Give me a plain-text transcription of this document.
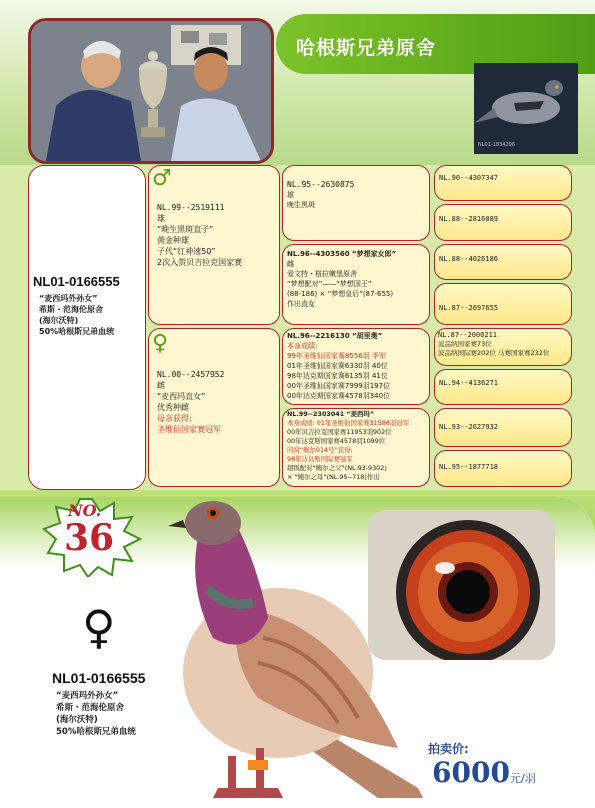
哈根斯兄弟原舍
NL01-1834296
NL01-0166555
“麦西玛外孙女”
希斯・范海伦原舍
(海尔沃特)
50%哈根斯兄弟血统
♂
NL.99--2519111
雄
“晚生黑斑直子”
黄金种雄
子代“红神速50”
2次入贺贝吉拉克国家赛
♀
NL.00--2457952
雌
“麦西玛直女”
优秀种雌
母亲获得:
圣维仙国家赛冠军
NL.95--2630875
雄
晚生黑斑
NL.96--4303560 “梦想家女郎”
雌
爱文特・格拉嫩堡原舍
“梦想配对”——“梦想国王”
(88-186) × “梦想皇后”(87-655)
作出直女
NL.96--2216130 “胡里奥”
本身成绩:
99年圣维仙国家赛8556羽 季军
01年圣维仙国家赛6330羽 40位
98年达克斯国家赛6135羽 41位
00年圣维仙国家赛7999羽197位
00年达克斯国家赛4578羽340位
NL.99--2303041 “麦西玛”
本身成绩: 01年圣维仙国家赛31586羽冠军
00年贝吉拉克国家赛11953羽902位
00年达克斯国家赛4578羽1099位
同窝“鲍尔014号”获得:
98年达贝斯国际赛冠军
超级配对“鲍尔之父”(NL.93-9302)
× “鲍尔之母”(NL.95--718)作出
NL.90--4307347
NL.88--2816089
NL.88--4026186
NL.87--2697655
NL.87--2000211
波品纳国家赛73位
波品纳国际赛202位 马赛国家赛232位
NL.94--4136271
NL.93--2627932
NL.95--1877718
NO.
36
♀
NL01-0166555
“麦西玛外孙女”
希斯・范海伦原舍
(海尔沃特)
50%哈根斯兄弟血统
拍卖价:
6000 元/羽
